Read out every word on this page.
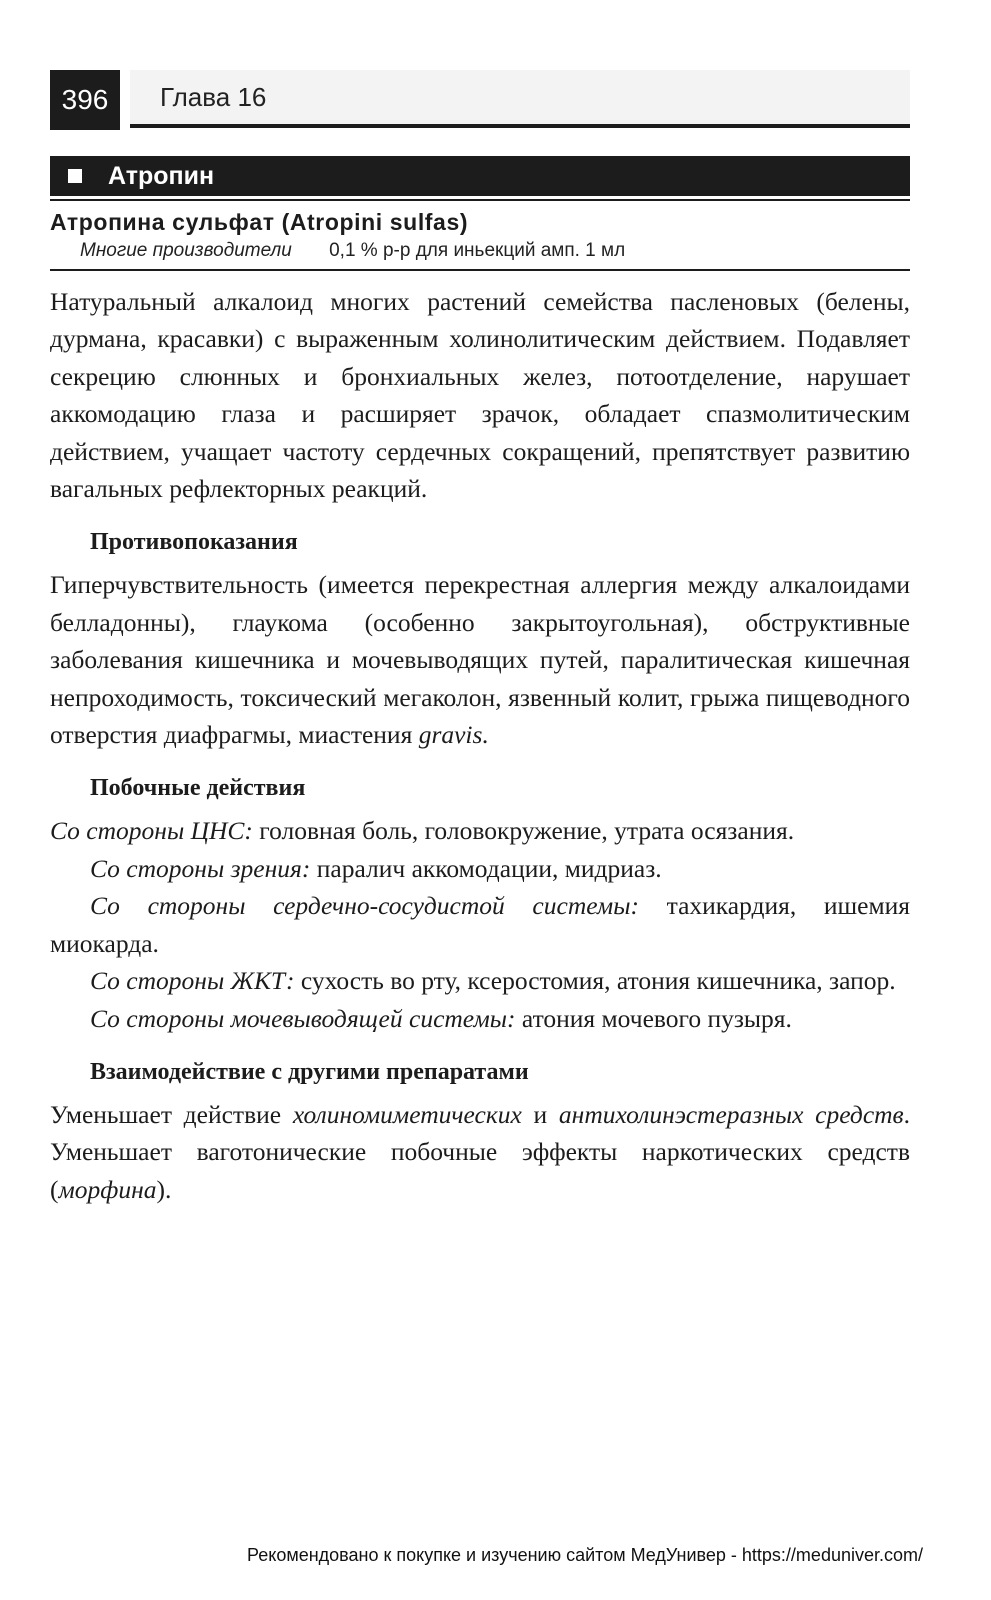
396	Глава 16
Атропин
Атропина сульфат (Atropini sulfas)
Многие производители 0,1 % р-р для иньекций амп. 1 мл

Натуральный алкалоид многих растений семейства пасленовых (белены, дурмана, красавки) с выраженным холинолитическим действием. Подавляет секрецию слюнных и бронхиальных желез, потоотделение, нарушает аккомодацию глаза и расширяет зрачок, обладает спазмолитическим действием, учащает частоту сердечных сокращений, препятствует развитию вагальных рефлекторных реакций.

Противопоказания

Гиперчувствительность (имеется перекрестная аллергия между алкалоидами белладонны), глаукома (особенно закрытоугольная), обструктивные заболевания кишечника и мочевыводящих путей, паралитическая кишечная непроходимость, токсический мегаколон, язвенный колит, грыжа пищеводного отверстия диафрагмы, миастения gravis.

Побочные действия

Со стороны ЦНС: головная боль, головокружение, утрата осязания.

Со стороны зрения: паралич аккомодации, мидриаз.

Со стороны сердечно-сосудистой системы: тахикардия, ишемия миокарда.

Со стороны ЖКТ: сухость во рту, ксеростомия, атония кишечника, запор.

Со стороны мочевыводящей системы: атония мочевого пузыря.

Взаимодействие с другими препаратами

Уменьшает действие холиномиметических и антихолинэстеразных средств. Уменьшает ваготонические побочные эффекты наркотических средств (морфина).

Рекомендовано к покупке и изучению сайтом МедУнивер - https://meduniver.com/
